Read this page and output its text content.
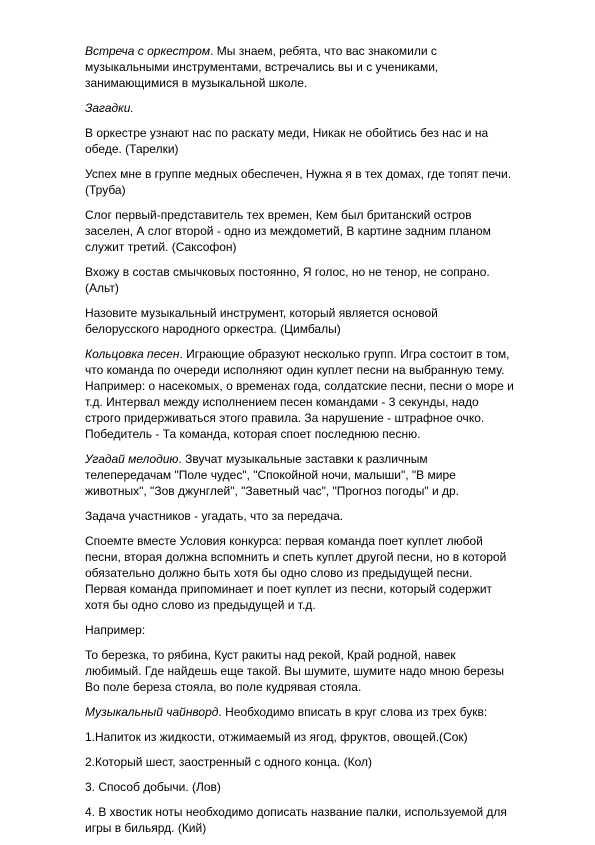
Встреча с оркестром. Мы знаем, ребята, что вас знакомили с музыкальными инструментами, встречались вы и с учениками, занимающимися в музыкальной школе.

Загадки.

В оркестре узнают нас по раскату меди, Никак не обойтись без нас и на обеде. (Тарелки)

Успех мне в группе медных обеспечен, Нужна я в тех домах, где топят печи. (Труба)

Слог первый-представитель тех времен, Кем был британский остров заселен, А слог второй - одно из междометий, В картине задним планом служит третий. (Саксофон)

Вхожу в состав смычковых постоянно, Я голос, но не тенор, не сопрано. (Альт)

Назовите музыкальный инструмент, который является основой белорусского народного оркестра. (Цимбалы)

Кольцовка песен. Играющие образуют несколько групп. Игра состоит в том, что команда по очереди исполняют один куплет песни на выбранную тему. Например: о насекомых, о временах года, солдатские песни, песни о море и т.д. Интервал между исполнением песен командами - 3 секунды, надо строго придерживаться этого правила. За нарушение - штрафное очко. Победитель - Та команда, которая споет последнюю песню.

Угадай мелодию. Звучат музыкальные заставки к различным телепередачам "Поле чудес", "Спокойной ночи, малыши", "В мире животных", "Зов джунглей", "Заветный час", "Прогноз погоды" и др.

Задача участников - угадать, что за передача.

Споемте вместе Условия конкурса: первая команда поет куплет любой песни, вторая должна вспомнить и спеть куплет другой песни, но в которой обязательно должно быть хотя бы одно слово из предыдущей песни. Первая команда припоминает и поет куплет из песни, который содержит хотя бы одно слово из предыдущей и т.д.

Например:

То березка, то рябина, Куст ракиты над рекой, Край родной, навек любимый. Где найдешь еще такой. Вы шумите, шумите надо мною березы Во поле береза стояла, во поле кудрявая стояла.

Музыкальный чайнворд. Необходимо вписать в круг слова из трех букв:

1.Напиток из жидкости, отжимаемый из ягод, фруктов, овощей.(Сок)

2.Который шест, заостренный с одного конца. (Кол)

3. Способ добычи. (Лов)

4. В хвостик ноты необходимо дописать название палки, используемой для игры в бильярд. (Кий)
